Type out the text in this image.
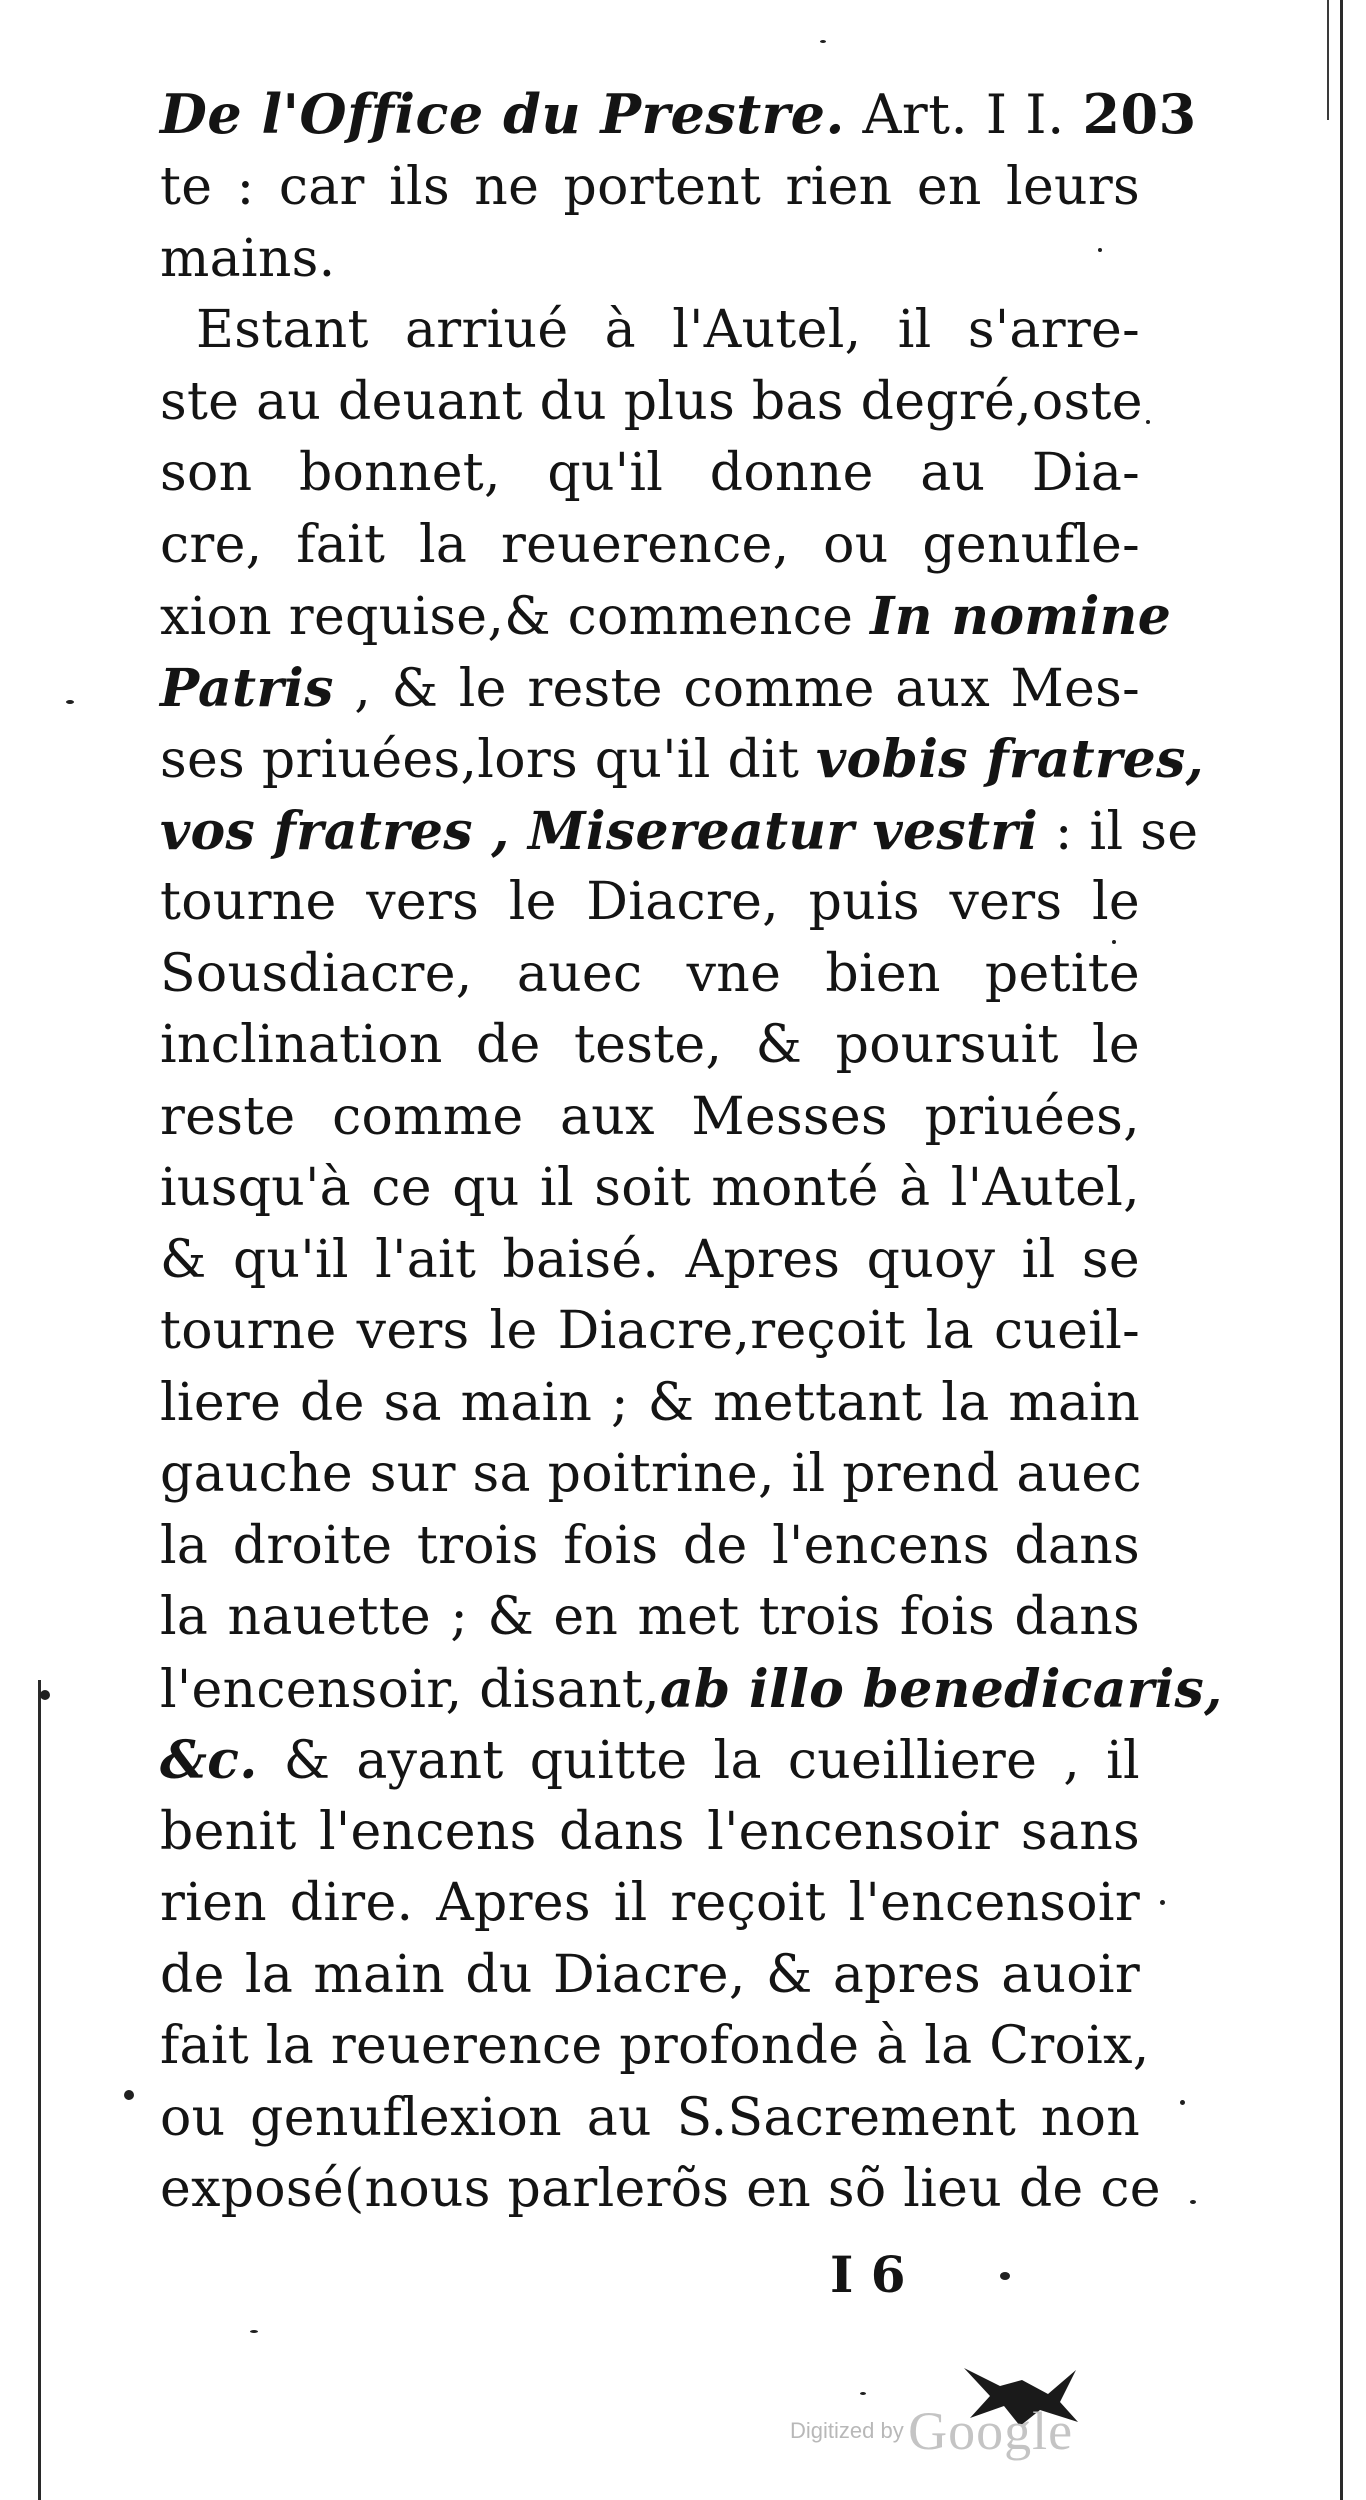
De l'Office du Prestre. Art. I I. 203
te : car ils ne portent rien en leurs
mains.
Estant arriué à l'Autel, il s'arre-
ste au deuant du plus bas degré,oste
son bonnet, qu'il donne au Dia-
cre, fait la reuerence, ou genufle-
xion requise,& commence In nomine
Patris , & le reste comme aux Mes-
ses priuées,lors qu'il dit vobis fratres,
vos fratres , Misereatur vestri : il se
tourne vers le Diacre, puis vers le
Sousdiacre, auec vne bien petite
inclination de teste, & poursuit le
reste comme aux Messes priuées,
iusqu'à ce qu il soit monté à l'Autel,
& qu'il l'ait baisé. Apres quoy il se
tourne vers le Diacre,reçoit la cueil-
liere de sa main ; & mettant la main
gauche sur sa poitrine, il prend auec
la droite trois fois de l'encens dans
la nauette ; & en met trois fois dans
l'encensoir, disant,ab illo benedicaris,
&c. & ayant quitte la cueilliere , il
benit l'encens dans l'encensoir sans
rien dire. Apres il reçoit l'encensoir
de la main du Diacre, & apres auoir
fait la reuerence profonde à la Croix,
ou genuflexion au S.Sacrement non
exposé(nous parlerõs en sõ lieu de ce
I 6
Digitized by Google
